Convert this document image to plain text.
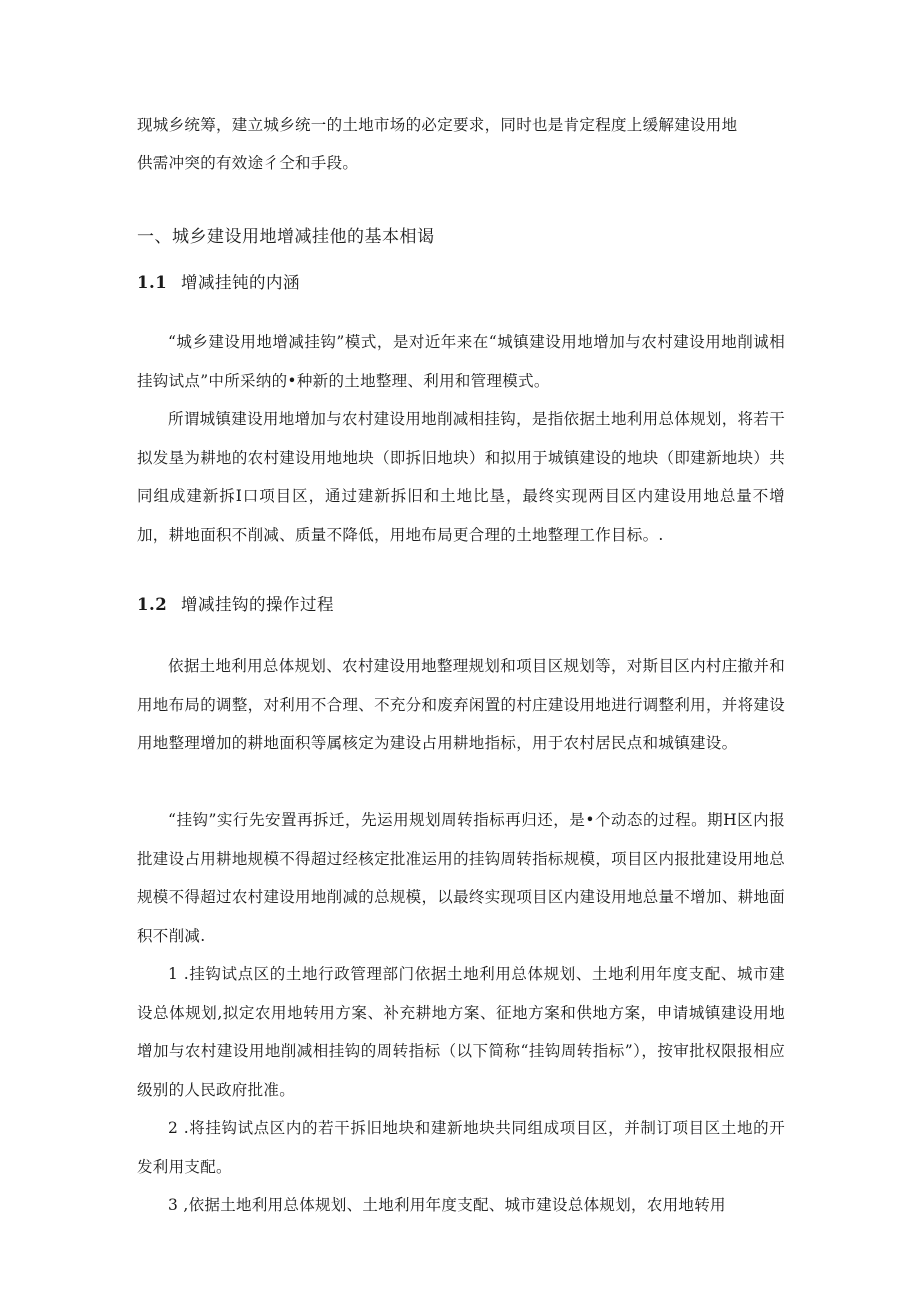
现城乡统筹，建立城乡统一的土地市场的必定要求，同时也是肯定程度上缓解建设用地

供需冲突的有效途彳仝和手段。

一、城乡建设用地增减挂他的基本相谒
1.1 增减挂钝的内涵

“城乡建设用地增减挂钩”模式，是对近年来在“城镇建设用地增加与农村建设用地削诚相挂钩试点”中所采纳的•种新的土地整理、利用和管理模式。

所谓城镇建设用地增加与农村建设用地削减相挂钩，是指依据土地利用总体规划，将若干拟发垦为耕地的农村建设用地地块（即拆旧地块）和拟用于城镇建设的地块（即建新地块）共同组成建新拆I口项目区，通过建新拆旧和土地比垦，最终实现两目区内建设用地总量不增加，耕地面积不削减、质量不降低，用地布局更合理的土地整理工作目标。.

1.2 增减挂钩的操作过程

依据土地利用总体规划、农村建设用地整理规划和项目区规划等，对斯目区内村庄撤并和用地布局的调整，对利用不合理、不充分和废弃闲置的村庄建设用地进行调整利用，并将建设用地整理增加的耕地面积等属核定为建设占用耕地指标，用于农村居民点和城镇建设。

“挂钩”实行先安置再拆迁，先运用规划周转指标再归还，是•个动态的过程。期H区内报批建设占用耕地规模不得超过经核定批准运用的挂钩周转指标规模，项目区内报批建设用地总规模不得超过农村建设用地削减的总规模，以最终实现项目区内建设用地总量不增加、耕地面积不削减.

1 .挂钩试点区的土地行政管理部门依据土地利用总体规划、土地利用年度支配、城市建设总体规划,拟定农用地转用方案、补充耕地方案、征地方案和供地方案，申请城镇建设用地增加与农村建设用地削减相挂钩的周转指标（以下简称“挂钩周转指标”），按审批权限报相应级别的人民政府批准。

2 .将挂钩试点区内的若干拆旧地块和建新地块共同组成项目区，并制订项目区土地的开发利用支配。

3 ,依据土地利用总体规划、土地利用年度支配、城市建设总体规划，农用地转用
